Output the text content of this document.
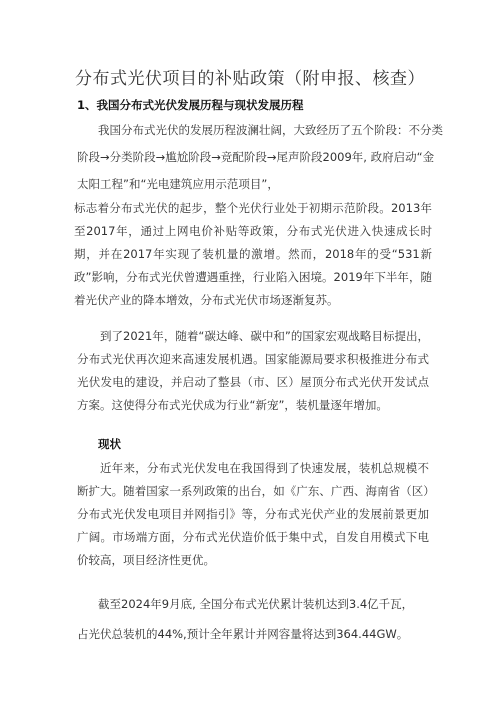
分布式光伏项目的补贴政策（附申报、核查）
1、我国分布式光伏发展历程与现状发展历程
我国分布式光伏的发展历程波澜壮阔，大致经历了五个阶段：不分类
阶段→分类阶段→尴尬阶段→竞配阶段→尾声阶段2009年, 政府启动“金
太阳工程”和“光电建筑应用示范项目”，
标志着分布式光伏的起步，整个光伏行业处于初期示范阶段。2013年至2017年，通过上网电价补贴等政策，分布式光伏进入快速成长时期，并在2017年实现了装机量的激增。然而，2018年的受“531新政”影响，分布式光伏曾遭遇重挫，行业陷入困境。2019年下半年，随着光伏产业的降本增效，分布式光伏市场逐渐复苏。
到了2021年，随着“碳达峰、碳中和”的国家宏观战略目标提出，分布式光伏再次迎来高速发展机遇。国家能源局要求积极推进分布式光伏发电的建设，并启动了整县（市、区）屋顶分布式光伏开发试点方案。这使得分布式光伏成为行业“新宠”，装机量逐年增加。
现状
近年来，分布式光伏发电在我国得到了快速发展，装机总规模不断扩大。随着国家一系列政策的出台，如《广东、广西、海南省（区）分布式光伏发电项目并网指引》等，分布式光伏产业的发展前景更加广阔。市场端方面，分布式光伏造价低于集中式，自发自用模式下电价较高，项目经济性更优。
截至2024年9月底, 全国分布式光伏累计装机达到3.4亿千瓦，
占光伏总装机的44%,预计全年累计并网容量将达到364.44GW。
